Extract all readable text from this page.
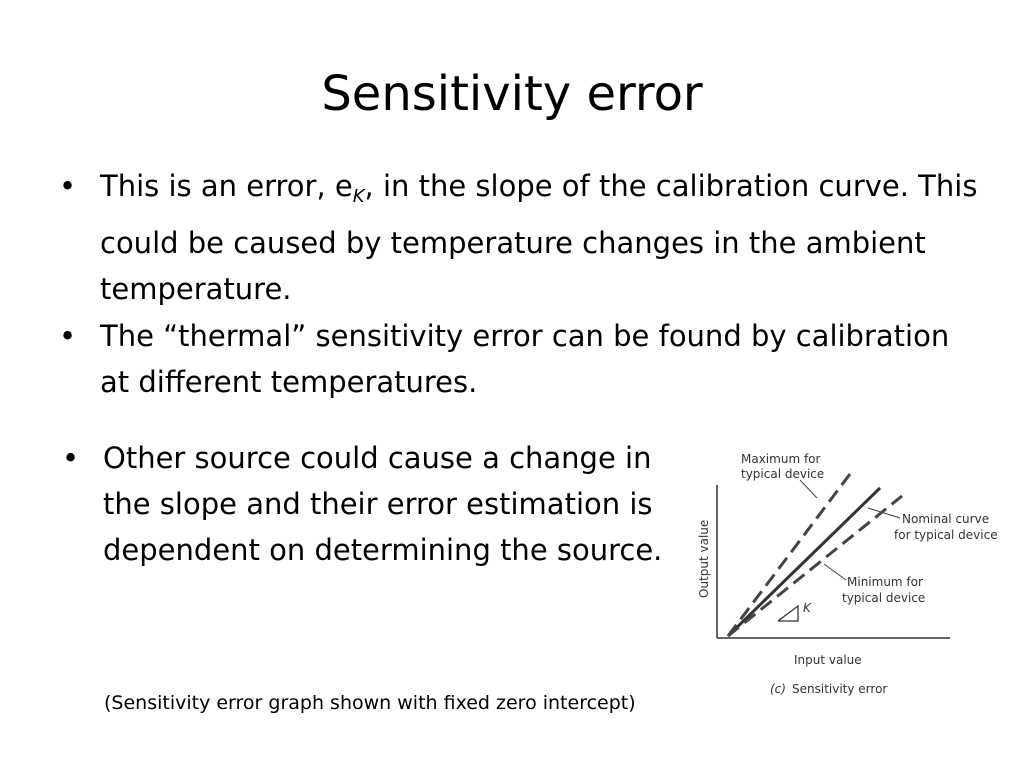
Sensitivity error
• This is an error, $e_K$, in the slope of the calibration curve. This could be caused by temperature changes in the ambient temperature.
• The “thermal” sensitivity error can be found by calibration at different temperatures.
• Other source could cause a change in the slope and their error estimation is dependent on determining the source.
K
Maximum for
typical device
Nominal curve
for typical device
Minimum for
typical device
Output value
Input value
(c) Sensitivity error
(Sensitivity error graph shown with fixed zero intercept)
